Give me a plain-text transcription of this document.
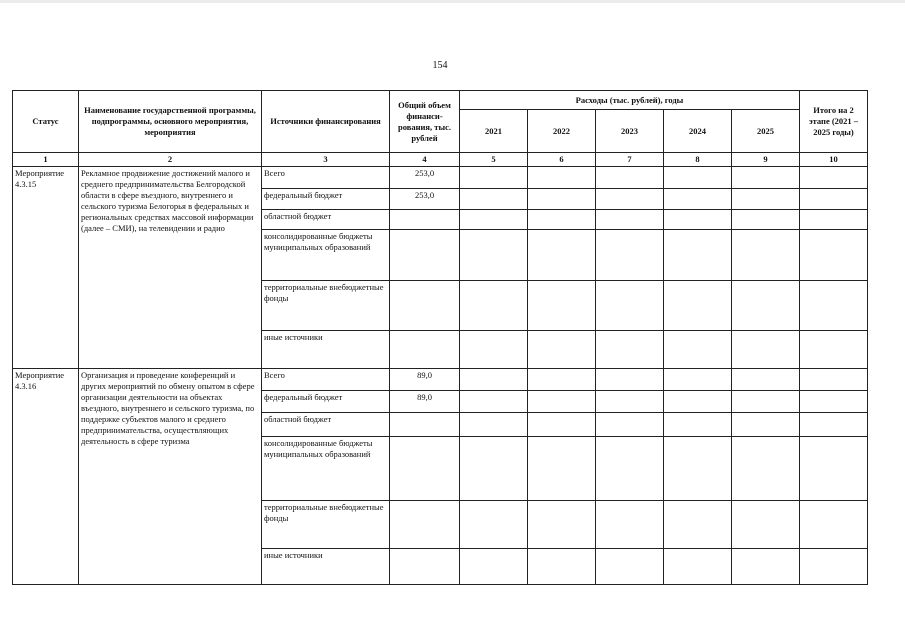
154
Статус	Наименование государственной программы, подпрограммы, основного мероприятия, мероприятия	Источники финансирования	Общий объем финанси-рования, тыс. рублей	Расходы (тыс. рублей), годы					Итого на 2 этапе (2021 – 2025 годы)
				2021	2022	2023	2024	2025	
1	2	3	4	5	6	7	8	9	10
Мероприятие 4.3.15	Рекламное продвижение достижений малого и среднего предпринимательства Белгородской области в сфере въездного, внутреннего и сельского туризма Белогорья в федеральных и региональных средствах массовой информации (далее – СМИ), на телевидении и радио	Всего	253,0						
		федеральный бюджет	253,0						
		областной бюджет							
		консолидированные бюджеты муниципальных образований							
		территориальные внебюджетные фонды							
		иные источники							
Мероприятие 4.3.16	Организация и проведение конференций и других мероприятий по обмену опытом в сфере организации деятельности на объектах въездного, внутреннего и сельского туризма, по поддержке субъектов малого и среднего предпринимательства, осуществляющих деятельность в сфере туризма	Всего	89,0						
		федеральный бюджет	89,0						
		областной бюджет							
		консолидированные бюджеты муниципальных образований							
		территориальные внебюджетные фонды							
		иные источники							
